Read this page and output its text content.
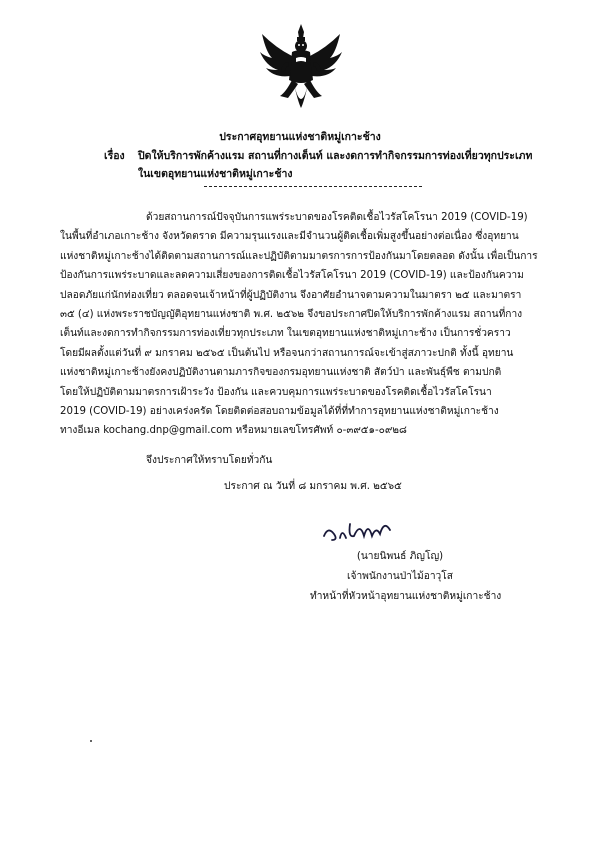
ประกาศอุทยานแห่งชาติหมู่เกาะช้าง
เรื่อง ปิดให้บริการพักค้างแรม สถานที่กางเต็นท์ และงดการทำกิจกรรมการท่องเที่ยวทุกประเภท
ในเขตอุทยานแห่งชาติหมู่เกาะช้าง
ด้วยสถานการณ์ปัจจุบันการแพร่ระบาดของโรคติดเชื้อไวรัสโคโรนา 2019 (COVID-19)
ในพื้นที่อำเภอเกาะช้าง จังหวัดตราด มีความรุนแรงและมีจำนวนผู้ติดเชื้อเพิ่มสูงขึ้นอย่างต่อเนื่อง ซึ่งอุทยาน
แห่งชาติหมู่เกาะช้างได้ติดตามสถานการณ์และปฏิบัติตามมาตรการการป้องกันมาโดยตลอด ดังนั้น เพื่อเป็นการ
ป้องกันการแพร่ระบาดและลดความเสี่ยงของการติดเชื้อไวรัสโคโรนา 2019 (COVID-19) และป้องกันความ
ปลอดภัยแก่นักท่องเที่ยว ตลอดจนเจ้าหน้าที่ผู้ปฏิบัติงาน จึงอาศัยอำนาจตามความในมาตรา ๒๕ และมาตรา
๓๕ (๔) แห่งพระราชบัญญัติอุทยานแห่งชาติ พ.ศ. ๒๕๖๒ จึงขอประกาศปิดให้บริการพักค้างแรม สถานที่กาง
เต็นท์และงดการทำกิจกรรมการท่องเที่ยวทุกประเภท ในเขตอุทยานแห่งชาติหมู่เกาะช้าง เป็นการชั่วคราว
โดยมีผลตั้งแต่วันที่ ๙ มกราคม ๒๕๖๕ เป็นต้นไป หรือจนกว่าสถานการณ์จะเข้าสู่สภาวะปกติ ทั้งนี้ อุทยาน
แห่งชาติหมู่เกาะช้างยังคงปฏิบัติงานตามภารกิจของกรมอุทยานแห่งชาติ สัตว์ป่า และพันธุ์พืช ตามปกติ
โดยให้ปฏิบัติตามมาตรการเฝ้าระวัง ป้องกัน และควบคุมการแพร่ระบาดของโรคติดเชื้อไวรัสโคโรนา
2019 (COVID-19) อย่างเคร่งครัด โดยติดต่อสอบถามข้อมูลได้ที่ที่ทำการอุทยานแห่งชาติหมู่เกาะช้าง
ทางอีเมล kochang.dnp@gmail.com หรือหมายเลขโทรศัพท์ ๐-๓๙๕๑-๐๙๒๘
จึงประกาศให้ทราบโดยทั่วกัน
ประกาศ ณ วันที่ ๘ มกราคม พ.ศ. ๒๕๖๕
(นายนิพนธ์ ภิญโญ)
เจ้าพนักงานป่าไม้อาวุโส
ทำหน้าที่หัวหน้าอุทยานแห่งชาติหมู่เกาะช้าง
